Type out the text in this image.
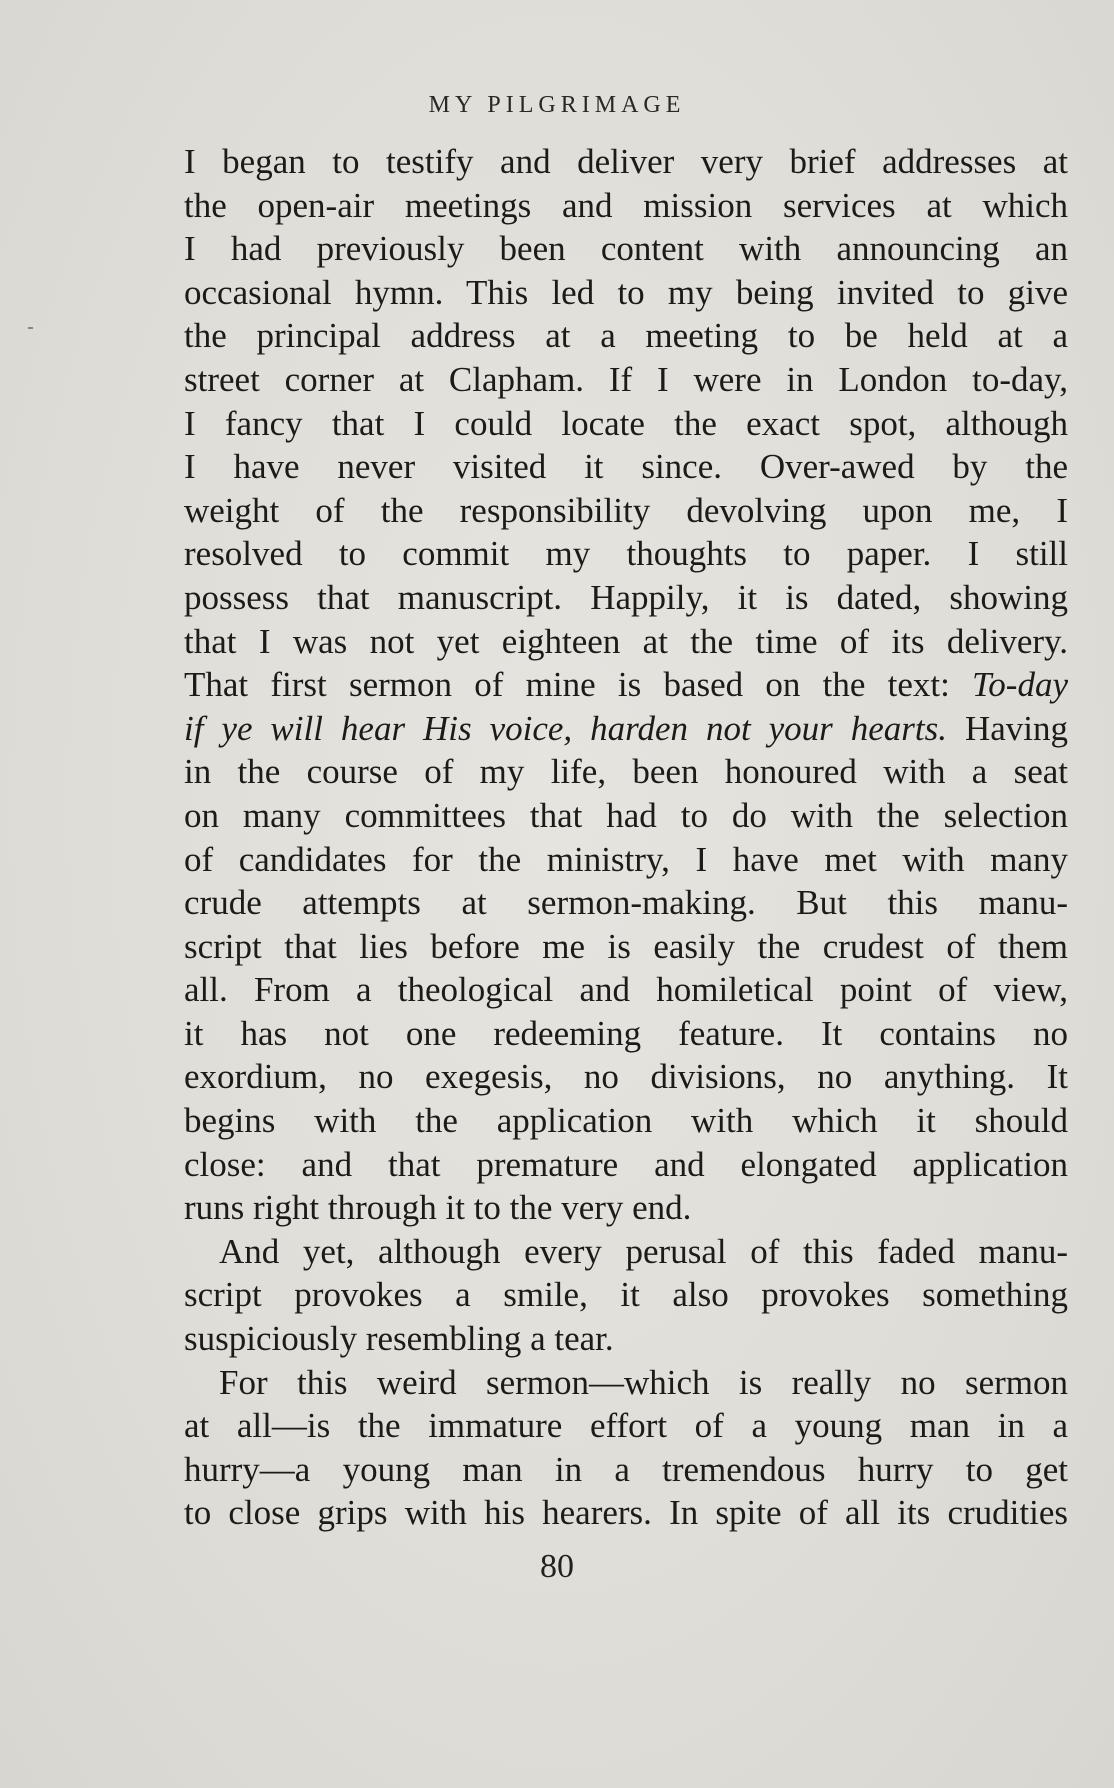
MY PILGRIMAGE
I began to testify and deliver very brief addresses at
the open-air meetings and mission services at which
I had previously been content with announcing an
occasional hymn. This led to my being invited to give
the principal address at a meeting to be held at a
street corner at Clapham. If I were in London to-day,
I fancy that I could locate the exact spot, although
I have never visited it since. Over-awed by the
weight of the responsibility devolving upon me, I
resolved to commit my thoughts to paper. I still
possess that manuscript. Happily, it is dated, showing
that I was not yet eighteen at the time of its delivery.
That first sermon of mine is based on the text: To-day
if ye will hear His voice, harden not your hearts. Having
in the course of my life, been honoured with a seat
on many committees that had to do with the selection
of candidates for the ministry, I have met with many
crude attempts at sermon-making. But this manu-
script that lies before me is easily the crudest of them
all. From a theological and homiletical point of view,
it has not one redeeming feature. It contains no
exordium, no exegesis, no divisions, no anything. It
begins with the application with which it should
close: and that premature and elongated application
runs right through it to the very end.
And yet, although every perusal of this faded manu-
script provokes a smile, it also provokes something
suspiciously resembling a tear.
For this weird sermon—which is really no sermon
at all—is the immature effort of a young man in a
hurry—a young man in a tremendous hurry to get
to close grips with his hearers. In spite of all its crudities
80
